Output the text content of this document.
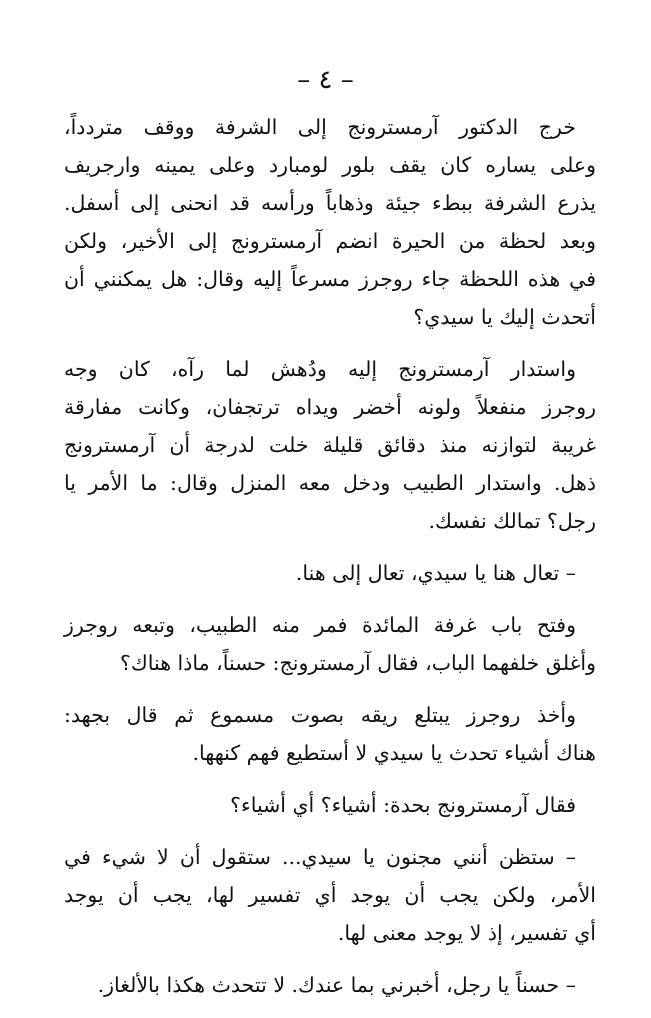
– ٤ –

خرج الدكتور آرمسترونج إلى الشرفة ووقف متردداً،
وعلى يساره كان يقف بلور لومبارد وعلى يمينه وارجريف
يذرع الشرفة ببطء جيئة وذهاباً ورأسه قد انحنى إلى أسفل.
وبعد لحظة من الحيرة انضم آرمسترونج إلى الأخير، ولكن
في هذه اللحظة جاء روجرز مسرعاً إليه وقال: هل يمكنني أن
أتحدث إليك يا سيدي؟

واستدار آرمسترونج إليه ودُهش لما رآه، كان وجه
روجرز منفعلاً ولونه أخضر ويداه ترتجفان، وكانت مفارقة
غريبة لتوازنه منذ دقائق قليلة خلت لدرجة أن آرمسترونج
ذهل. واستدار الطبيب ودخل معه المنزل وقال: ما الأمر يا
رجل؟ تمالك نفسك.

– تعال هنا يا سيدي، تعال إلى هنا.

وفتح باب غرفة المائدة فمر منه الطبيب، وتبعه روجرز
وأغلق خلفهما الباب، فقال آرمسترونج: حسناً، ماذا هناك؟

وأخذ روجرز يبتلع ريقه بصوت مسموع ثم قال بجهد:
هناك أشياء تحدث يا سيدي لا أستطيع فهم كنهها.

فقال آرمسترونج بحدة: أشياء؟ أي أشياء؟

– ستظن أنني مجنون يا سيدي... ستقول أن لا شيء في
الأمر، ولكن يجب أن يوجد أي تفسير لها، يجب أن يوجد
أي تفسير، إذ لا يوجد معنى لها.

– حسناً يا رجل، أخبرني بما عندك. لا تتحدث هكذا بالألغاز.
